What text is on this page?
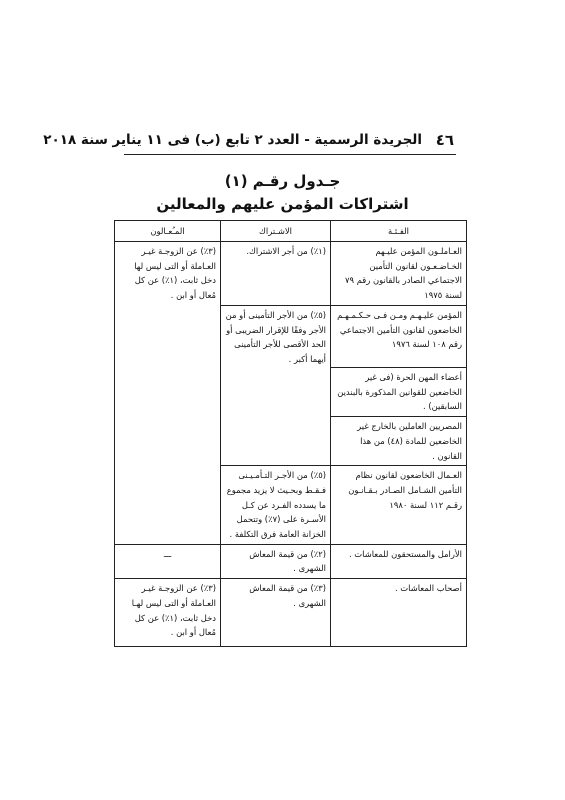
٤٦
الجريدة الرسمية - العدد ٢ تابع (ب) فى ١١ يناير سنة ٢٠١٨
جـدول رقـم (١)
اشتراكات المؤمن عليهم والمعالين
الفـئـة	الاشـتراك	المـُعـالون
العـاملـون المؤمن عليـهم الخـاضـعـون لقانون التأمين الاجتماعي الصادر بالقانون رقم ٧٩ لسنة ١٩٧٥	(١٪) من أجر الاشتراك.	(٣٪) عن الزوجـة غيـر العـاملة أو التى ليس لها دخل ثابت، (١٪) عن كل مُعال أو ابن .
المؤمن عليـهـم ومـن فـى حـكـمـهـم الخاضعون لقانون التأمين الاجتماعي رقم ١٠٨ لسنة ١٩٧٦	(٥٪) من الأجر التأمينى أو من الأجر وفقًا للإقرار الضريبى أو الحد الأقصى للأجر التأمينى أيهما أكبر .	
أعضاء المهن الحرة (فى غير الخاضعين للقوانين المذكورة بالبندين السابقين) .		
المصريين العاملين بالخارج غير الخاضعين للمادة (٤٨) من هذا القانون .		
العـمال الخاضعون لقانون نظام التأمين الشـامل الصـادر بـقـانـون رقـم ١١٢ لسنة ١٩٨٠	(٥٪) من الأجـر التـأمـيـنى فـقـط وبحـيث لا يزيد مجموع ما يسدده الفـرد عن كـل الأسـرة على (٧٪) وتتحمل الخزانة العامة فرق التكلفة .	
الأرامل والمستحقون للمعاشات .	(٢٪) من قيمة المعاش الشهرى .	ـــ
أصحاب المعاشات .	(٣٪) من قيمة المعاش الشهرى .	(٣٪) عن الزوجـة غيـر العـاملة أو التى ليس لهـا دخل ثابت، (١٪) عن كل مُعال أو ابن .
